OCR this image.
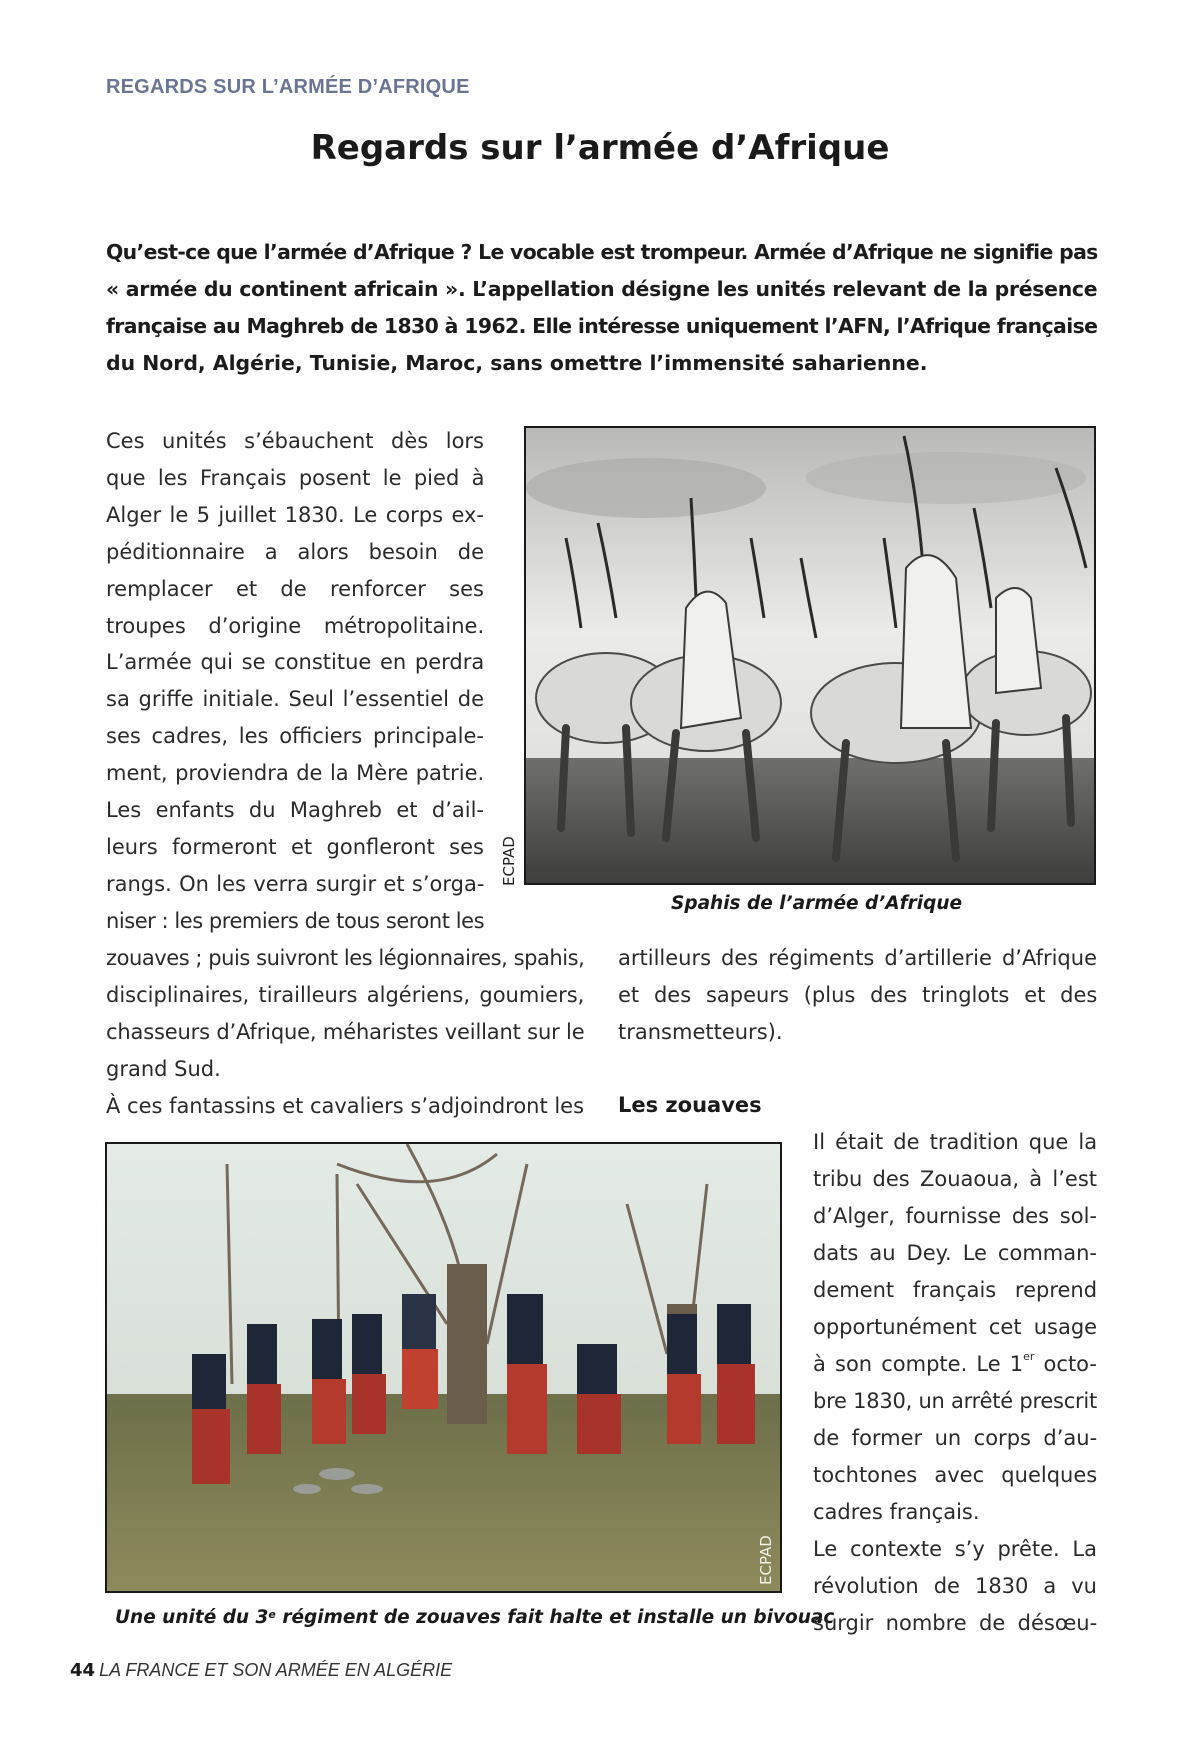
REGARDS SUR L’ARMÉE D’AFRIQUE
Regards sur l’armée d’Afrique
Qu’est-ce que l’armée d’Afrique ? Le vocable est trompeur. Armée d’Afrique ne signifie pas
« armée du continent africain ». L’appellation désigne les unités relevant de la présence
française au Maghreb de 1830 à 1962. Elle intéresse uniquement l’AFN, l’Afrique française
du Nord, Algérie, Tunisie, Maroc, sans omettre l’immensité saharienne.
Ces unités s’ébauchent dès lors
que les Français posent le pied à
Alger le 5 juillet 1830. Le corps ex-
péditionnaire a alors besoin de
remplacer et de renforcer ses
troupes d’origine métropolitaine.
L’armée qui se constitue en perdra
sa griffe initiale. Seul l’essentiel de
ses cadres, les officiers principale-
ment, proviendra de la Mère patrie.
Les enfants du Maghreb et d’ail-
leurs formeront et gonfleront ses
rangs. On les verra surgir et s’orga-
niser : les premiers de tous seront les
zouaves ; puis suivront les légionnaires, spahis,
disciplinaires, tirailleurs algériens, goumiers,
chasseurs d’Afrique, méharistes veillant sur le
grand Sud.
À ces fantassins et cavaliers s’adjoindront les
ECPAD
Spahis de l’armée d’Afrique
artilleurs des régiments d’artillerie d’Afrique
et des sapeurs (plus des tringlots et des
transmetteurs).
Les zouaves
ECPAD
Une unité du 3e régiment de zouaves fait halte et installe un bivouac
Il était de tradition que la
tribu des Zouaoua, à l’est
d’Alger, fournisse des sol-
dats au Dey. Le comman-
dement français reprend
opportunément cet usage
à son compte. Le 1er octo-
bre 1830, un arrêté prescrit
de former un corps d’au-
tochtones avec quelques
cadres français.
Le contexte s’y prête. La
révolution de 1830 a vu
surgir nombre de désœu-
44 LA FRANCE ET SON ARMÉE EN ALGÉRIE
